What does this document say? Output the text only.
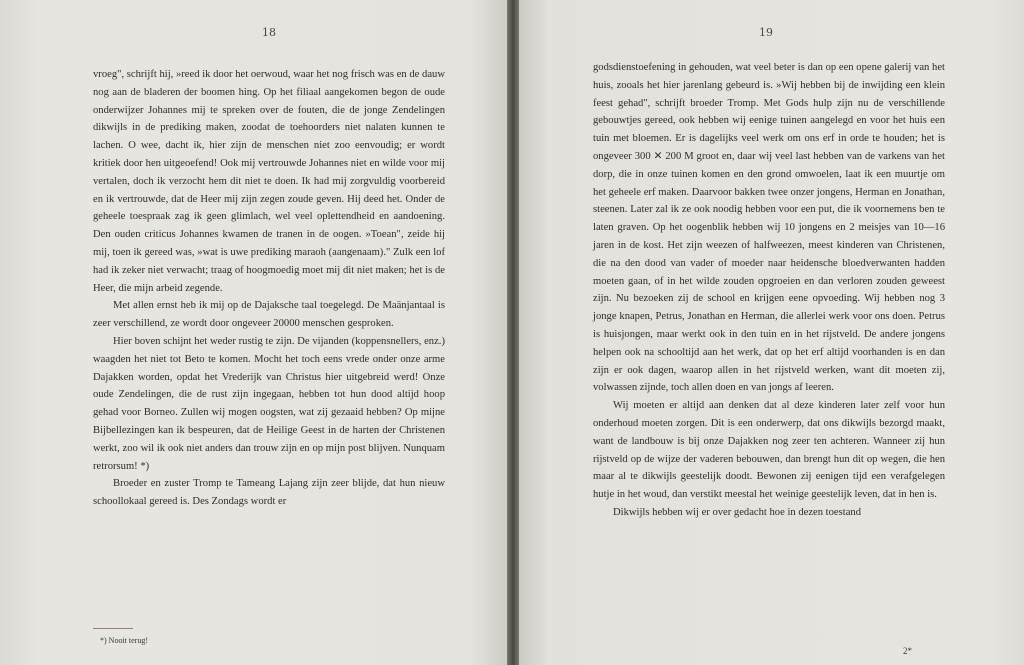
18

vroeg", schrijft hij, »reed ik door het oerwoud, waar het nog frisch was en de dauw nog aan de bladeren der boomen hing. Op het filiaal aangekomen begon de oude onderwijzer Johannes mij te spreken over de fouten, die de jonge Zendelingen dikwijls in de prediking maken, zoodat de toehoorders niet nalaten kunnen te lachen. O wee, dacht ik, hier zijn de menschen niet zoo eenvoudig; er wordt kritiek door hen uitgeoefend! Ook mij vertrouwde Johannes niet en wilde voor mij vertalen, doch ik verzocht hem dit niet te doen. Ik had mij zorgvuldig voorbereid en ik vertrouwde, dat de Heer mij zijn zegen zoude geven. Hij deed het. Onder de geheele toespraak zag ik geen glimlach, wel veel oplettendheid en aandoening. Den ouden criticus Johannes kwamen de tranen in de oogen. »Toean", zeide hij mij, toen ik gereed was, »wat is uwe prediking maraoh (aangenaam)." Zulk een lof had ik zeker niet verwacht; traag of hoogmoedig moet mij dit niet maken; het is de Heer, die mijn arbeid zegende.

Met allen ernst heb ik mij op de Dajaksche taal toegelegd. De Maänjantaal is zeer verschillend, ze wordt door ongeveer 20000 menschen gesproken.

Hier boven schijnt het weder rustig te zijn. De vijanden (koppensnellers, enz.) waagden het niet tot Beto te komen. Mocht het toch eens vrede onder onze arme Dajakken worden, opdat het Vrederijk van Christus hier uitgebreid werd! Onze oude Zendelingen, die de rust zijn ingegaan, hebben tot hun dood altijd hoop gehad voor Borneo. Zullen wij mogen oogsten, wat zij gezaaid hebben? Op mijne Bijbellezingen kan ik bespeuren, dat de Heilige Geest in de harten der Christenen werkt, zoo wil ik ook niet anders dan trouw zijn en op mijn post blijven. Nunquam retrorsum! *)

Broeder en zuster Tromp te Tameang Lajang zijn zeer blijde, dat hun nieuw schoollokaal gereed is. Des Zondags wordt er

*) Nooit terug!
19

godsdienstoefening in gehouden, wat veel beter is dan op een opene galerij van het huis, zooals het hier jarenlang gebeurd is. »Wij hebben bij de inwijding een klein feest gehad", schrijft broeder Tromp. Met Gods hulp zijn nu de verschillende gebouwtjes gereed, ook hebben wij eenige tuinen aangelegd en voor het huis een tuin met bloemen. Er is dagelijks veel werk om ons erf in orde te houden; het is ongeveer 300 ✕ 200 M groot en, daar wij veel last hebben van de varkens van het dorp, die in onze tuinen komen en den grond omwoelen, laat ik een muurtje om het geheele erf maken. Daarvoor bakken twee onzer jongens, Herman en Jonathan, steenen. Later zal ik ze ook noodig hebben voor een put, die ik voornemens ben te laten graven. Op het oogenblik hebben wij 10 jongens en 2 meisjes van 10—16 jaren in de kost. Het zijn weezen of halfweezen, meest kinderen van Christenen, die na den dood van vader of moeder naar heidensche bloedverwanten hadden moeten gaan, of in het wilde zouden opgroeien en dan verloren zouden geweest zijn. Nu bezoeken zij de school en krijgen eene opvoeding. Wij hebben nog 3 jonge knapen, Petrus, Jonathan en Herman, die allerlei werk voor ons doen. Petrus is huisjongen, maar werkt ook in den tuin en in het rijstveld. De andere jongens helpen ook na schooltijd aan het werk, dat op het erf altijd voorhanden is en dan zijn er ook dagen, waarop allen in het rijstveld werken, want dit moeten zij, volwassen zijnde, toch allen doen en van jongs af leeren.

Wij moeten er altijd aan denken dat al deze kinderen later zelf voor hun onderhoud moeten zorgen. Dit is een onderwerp, dat ons dikwijls bezorgd maakt, want de landbouw is bij onze Dajakken nog zeer ten achteren. Wanneer zij hun rijstveld op de wijze der vaderen bebouwen, dan brengt hun dit op wegen, die hen maar al te dikwijls geestelijk doodt. Bewonen zij eenigen tijd een verafgelegen hutje in het woud, dan verstikt meestal het weinige geestelijk leven, dat in hen is.

Dikwijls hebben wij er over gedacht hoe in dezen toestand

2*
